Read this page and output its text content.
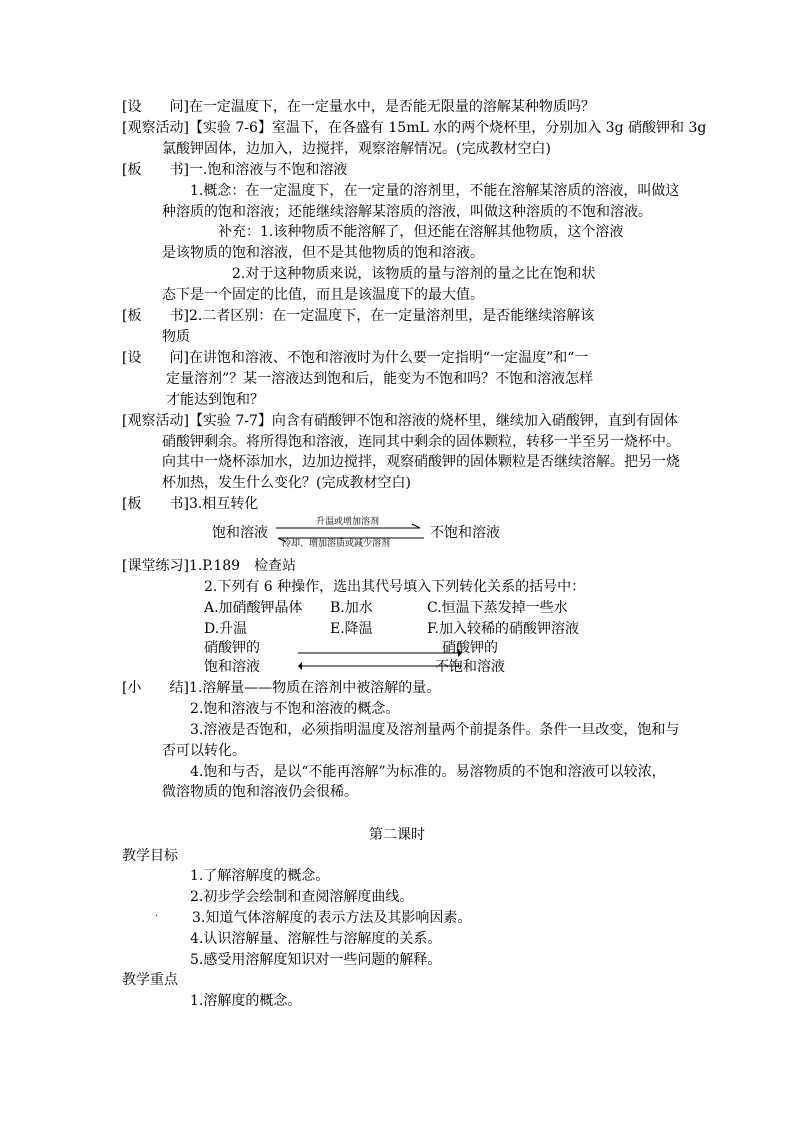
[设　　问]在一定温度下，在一定量水中，是否能无限量的溶解某种物质吗？
[观察活动]【实验 7-6】室温下，在各盛有 15mL 水的两个烧杯里，分别加入 3g 硝酸钾和 3g
氯酸钾固体，边加入，边搅拌，观察溶解情况。(完成教材空白)
[板　　书]一.饱和溶液与不饱和溶液
1.概念：在一定温度下，在一定量的溶剂里，不能在溶解某溶质的溶液，叫做这
种溶质的饱和溶液；还能继续溶解某溶质的溶液，叫做这种溶质的不饱和溶液。
补充：1.该种物质不能溶解了，但还能在溶解其他物质，这个溶液
是该物质的饱和溶液，但不是其他物质的饱和溶液。
2.对于这种物质来说，该物质的量与溶剂的量之比在饱和状
态下是一个固定的比值，而且是该温度下的最大值。
[板　　书]2.二者区别：在一定温度下，在一定量溶剂里，是否能继续溶解该
物质
[设　　问]在讲饱和溶液、不饱和溶液时为什么要一定指明“一定温度”和“一
定量溶剂”？某一溶液达到饱和后，能变为不饱和吗？不饱和溶液怎样
才能达到饱和？
[观察活动]【实验 7-7】向含有硝酸钾不饱和溶液的烧杯里，继续加入硝酸钾，直到有固体
硝酸钾剩余。将所得饱和溶液，连同其中剩余的固体颗粒，转移一半至另一烧杯中。
向其中一烧杯添加水，边加边搅拌，观察硝酸钾的固体颗粒是否继续溶解。把另一烧
杯加热，发生什么变化？(完成教材空白)
[板　　书]3.相互转化
饱和溶液
升温或增加溶剂
冷却、增加溶质或减少溶剂
不饱和溶液
[课堂练习]1.P.189　检查站
2.下列有 6 种操作，选出其代号填入下列转化关系的括号中：
A.加硝酸钾晶体 B.加水	C.恒温下蒸发掉一些水
D.升温	E.降温	F.加入较稀的硝酸钾溶液
硝酸钾的
饱和溶液
硝酸钾的
不饱和溶液
[小　　结]1.溶解量——物质在溶剂中被溶解的量。
2.饱和溶液与不饱和溶液的概念。
3.溶液是否饱和，必须指明温度及溶剂量两个前提条件。条件一旦改变，饱和与
否可以转化。
4.饱和与否，是以“不能再溶解”为标准的。易溶物质的不饱和溶液可以较浓，
微溶物质的饱和溶液仍会很稀。
第二课时
教学目标
1.了解溶解度的概念。
2.初步学会绘制和查阅溶解度曲线。
. 3.知道气体溶解度的表示方法及其影响因素。
4.认识溶解量、溶解性与溶解度的关系。
5.感受用溶解度知识对一些问题的解释。
教学重点
1.溶解度的概念。
